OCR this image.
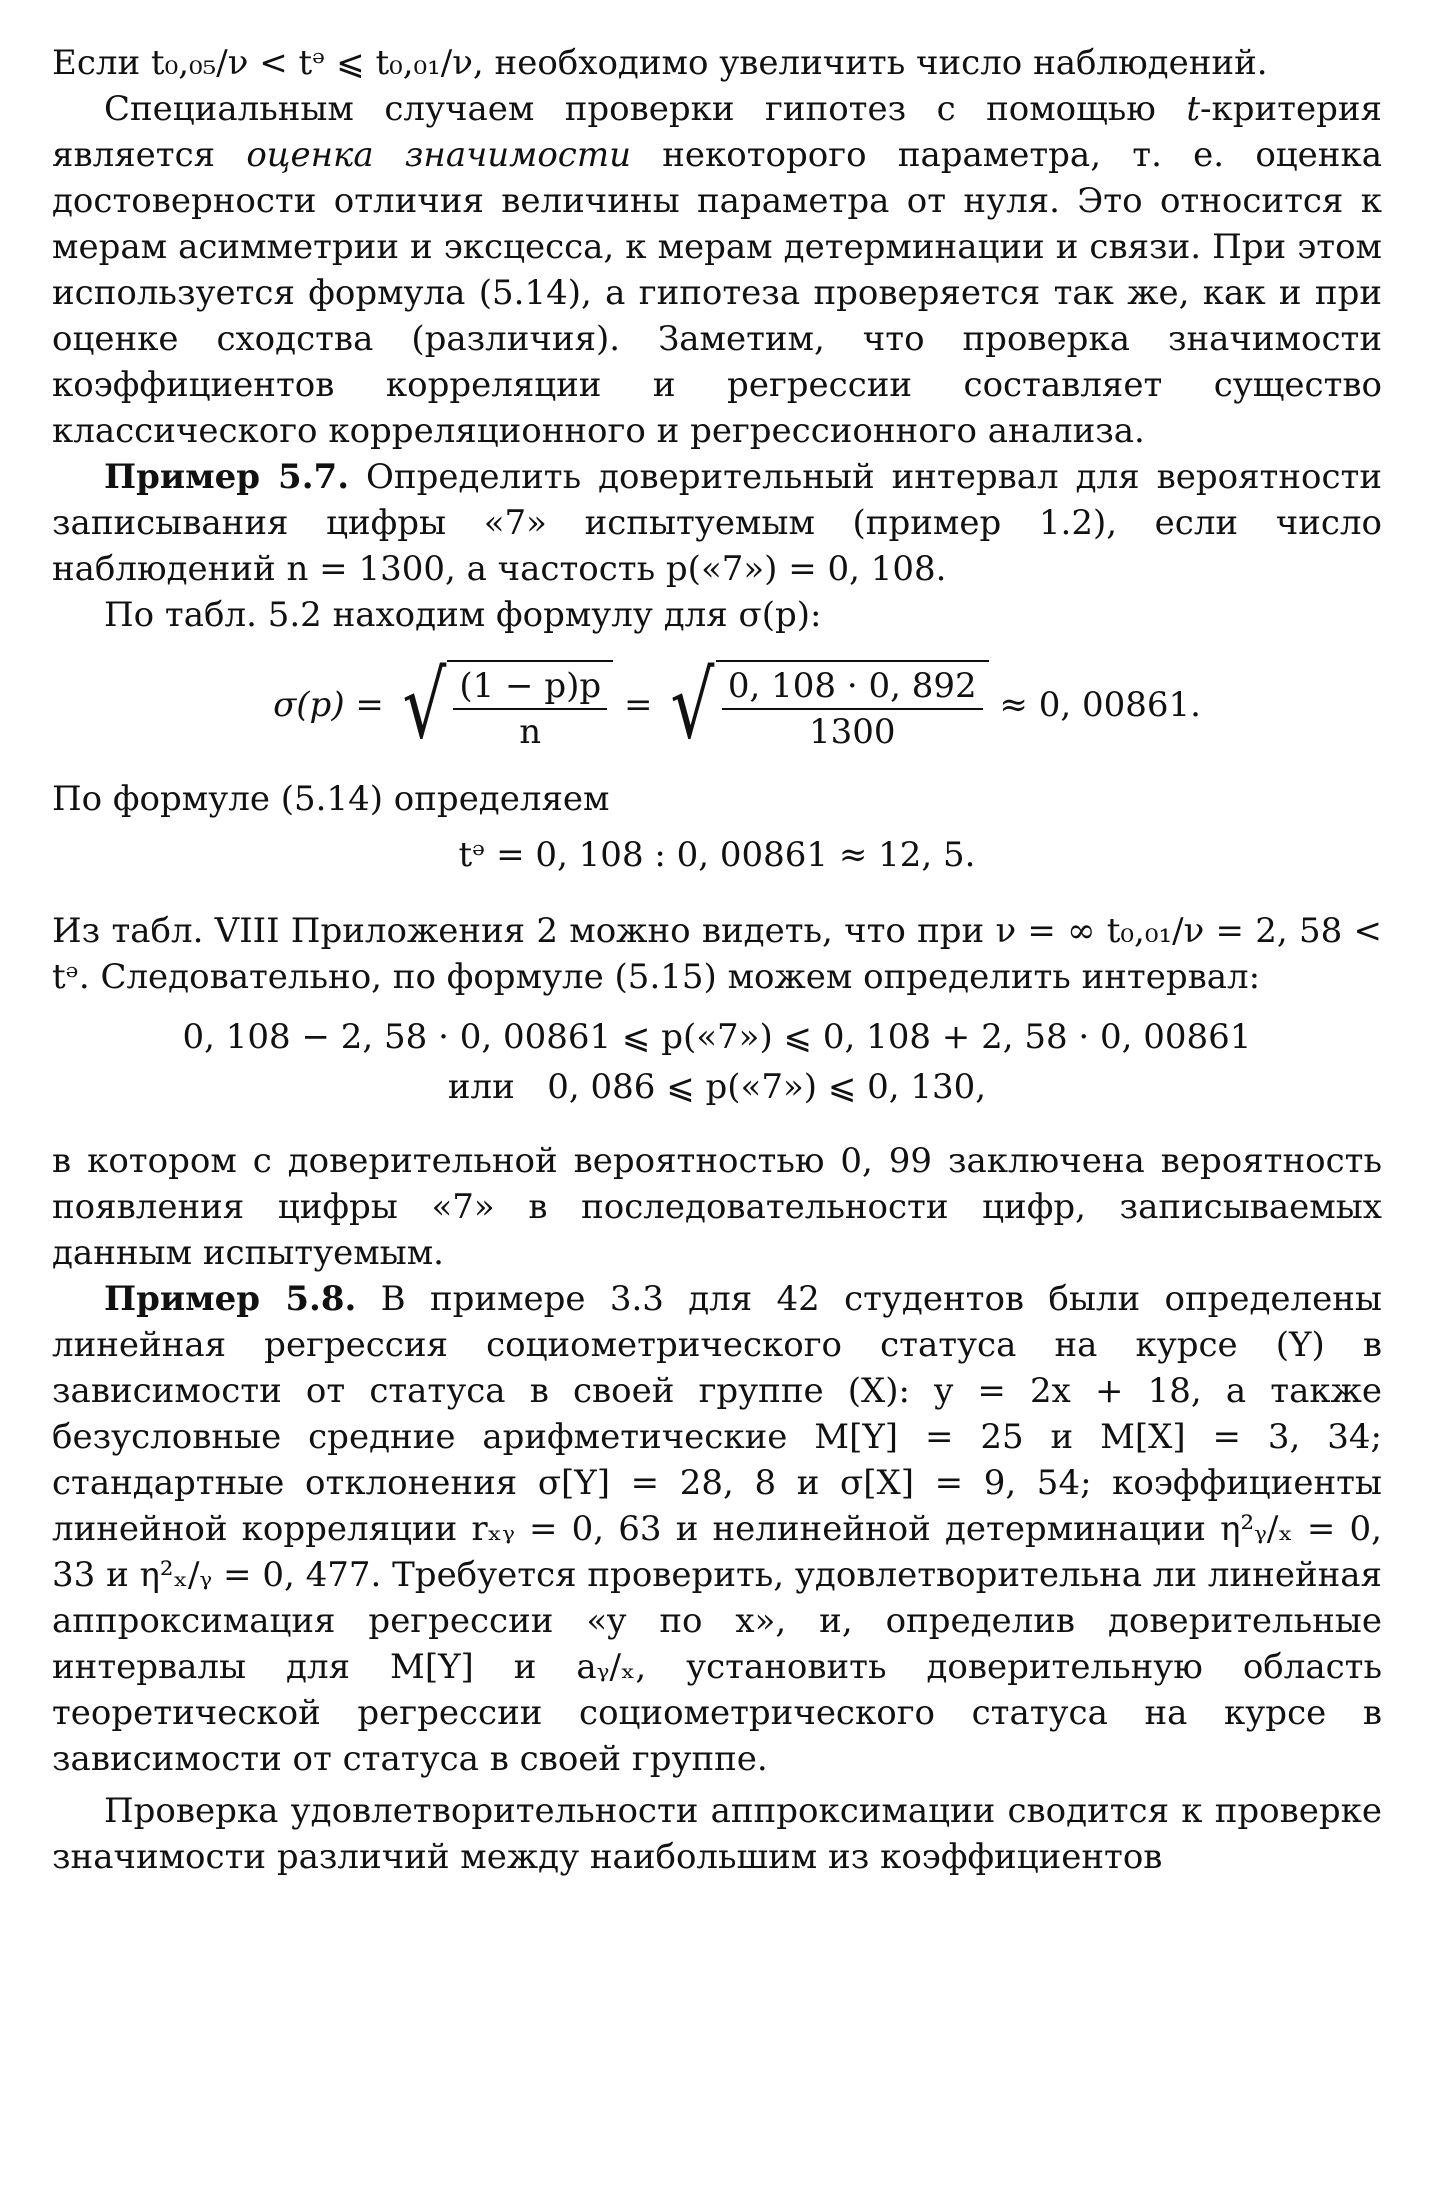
Если t₀,₀₅/ν < tᵊ ⩽ t₀,₀₁/ν, необходимо увеличить число наблюдений.

Специальным случаем проверки гипотез с помощью t-критерия является оценка значимости некоторого параметра, т. е. оценка достоверности отличия величины параметра от нуля. Это относится к мерам асимметрии и эксцесса, к мерам детерминации и связи. При этом используется формула (5.14), а гипотеза проверяется так же, как и при оценке сходства (различия). Заметим, что проверка значимости коэффициентов корреляции и регрессии составляет существо классического корреляционного и регрессионного анализа.

Пример 5.7. Определить доверительный интервал для вероятности записывания цифры «7» испытуемым (пример 1.2), если число наблюдений n = 1300, а частость p(«7») = 0, 108.

По табл. 5.2 находим формулу для σ(p):

σ(p) = √ $\frac{(1 - p)p}{n}$ = √ $\frac{0, 108 \cdot 0, 892}{1300} \approx 0$, 00861.

По формуле (5.14) определяем

tᵊ = 0, 108 : 0, 00861 ≈ 12, 5.

Из табл. VIII Приложения 2 можно видеть, что при ν = ∞ t₀,₀₁/ν = 2, 58 < tᵊ. Следовательно, по формуле (5.15) можем определить интервал:

0, 108 − 2, 58 · 0, 00861 ⩽ p(«7») ⩽ 0, 108 + 2, 58 · 0, 00861
или 0, 086 ⩽ p(«7») ⩽ 0, 130,

в котором с доверительной вероятностью 0, 99 заключена вероятность появления цифры «7» в последовательности цифр, записываемых данным испытуемым.

Пример 5.8. В примере 3.3 для 42 студентов были определены линейная регрессия социометрического статуса на курсе (Y) в зависимости от статуса в своей группе (X): y = 2x + 18, а также безусловные средние арифметические M[Y] = 25 и M[X] = 3, 34; стандартные отклонения σ[Y] = 28, 8 и σ[X] = 9, 54; коэффициенты линейной корреляции rₓᵧ = 0, 63 и нелинейной детерминации η²ᵧ/ₓ = 0, 33 и η²ₓ/ᵧ = 0, 477. Требуется проверить, удовлетворительна ли линейная аппроксимация регрессии «y по x», и, определив доверительные интервалы для M[Y] и aᵧ/ₓ, установить доверительную область теоретической регрессии социометрического статуса на курсе в зависимости от статуса в своей группе.

Проверка удовлетворительности аппроксимации сводится к проверке значимости различий между наибольшим из коэффициентов
